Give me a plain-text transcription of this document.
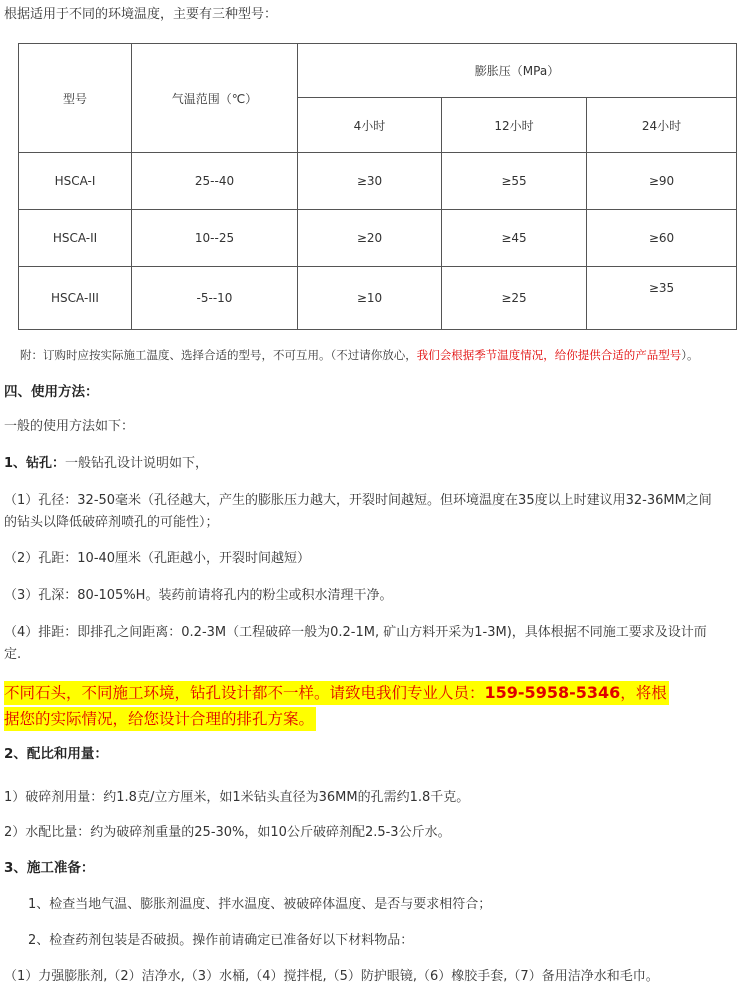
根据适用于不同的环境温度，主要有三种型号：
型号	气温范围（℃）	膨胀压（MPa）		
		4小时	12小时	24小时
HSCA-I	25--40	≥30	≥55	≥90
HSCA-II	10--25	≥20	≥45	≥60
HSCA-III	-5--10	≥10	≥25	≥35
附：订购时应按实际施工温度、选择合适的型号，不可互用。（不过请你放心，我们会根据季节温度情况，给你提供合适的产品型号）。
四、使用方法：
一般的使用方法如下：
1、钻孔：一般钻孔设计说明如下，
（1）孔径：32-50毫米（孔径越大，产生的膨胀压力越大，开裂时间越短。但环境温度在35度以上时建议用32-36MM之间
的钻头以降低破碎剂喷孔的可能性）；
（2）孔距：10-40厘米（孔距越小，开裂时间越短）
（3）孔深：80-105%H。装药前请将孔内的粉尘或积水清理干净。
（4）排距：即排孔之间距离：0.2-3M（工程破碎一般为0.2-1M, 矿山方料开采为1-3M)，具体根据不同施工要求及设计而
定.
不同石头，不同施工环境，钻孔设计都不一样。请致电我们专业人员：159-5958-5346，将根
据您的实际情况，给您设计合理的排孔方案。
2、配比和用量：
1）破碎剂用量：约1.8克/立方厘米，如1米钻头直径为36MM的孔需约1.8千克。
2）水配比量：约为破碎剂重量的25-30%，如10公斤破碎剂配2.5-3公斤水。
3、施工准备：
1、检查当地气温、膨胀剂温度、拌水温度、被破碎体温度、是否与要求相符合；
2、检查药剂包装是否破损。操作前请确定已准备好以下材料物品：
（1）力强膨胀剂,（2）洁净水,（3）水桶,（4）搅拌棍,（5）防护眼镜,（6）橡胶手套,（7）备用洁净水和毛巾。
